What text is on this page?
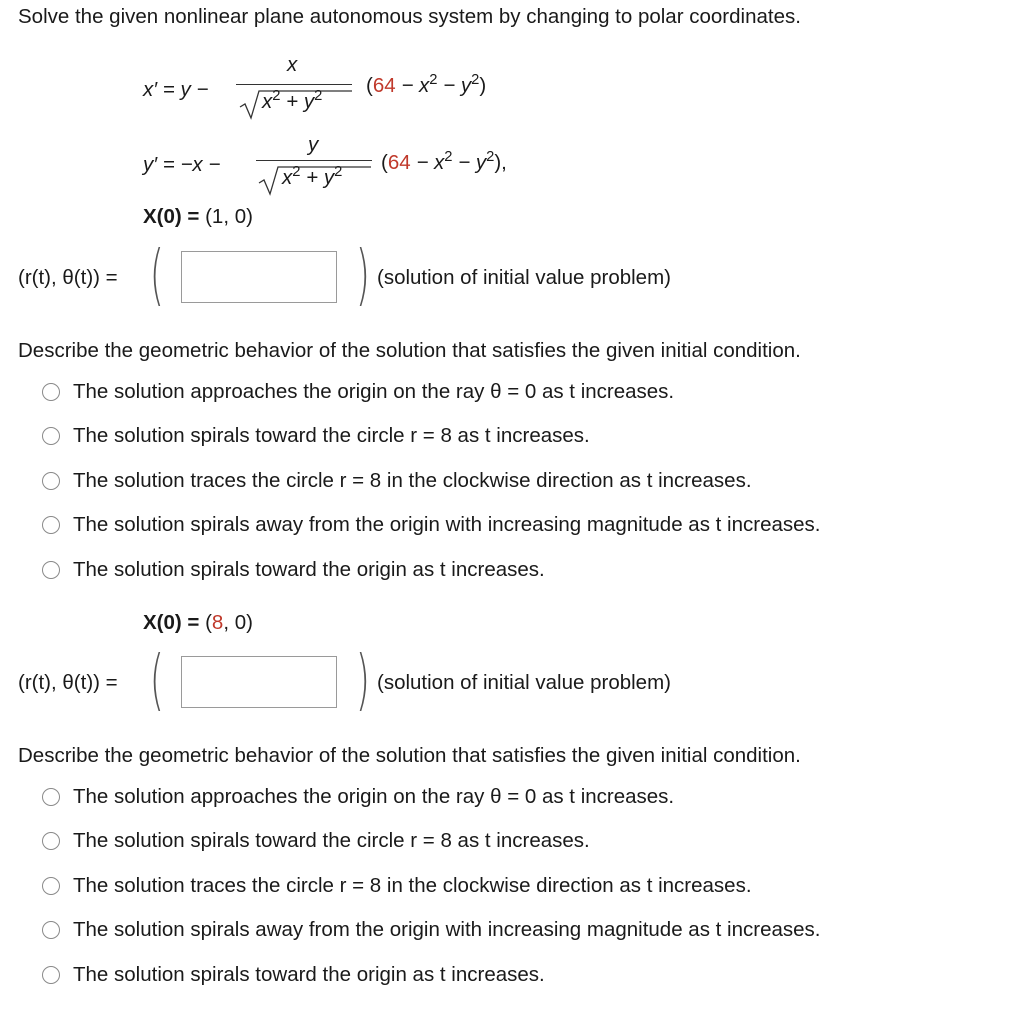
Solve the given nonlinear plane autonomous system by changing to polar coordinates.
x′ = y −
x
$x^2 + y^2$ $(64 - x^2 - y^2)$
y′ = −x −
y
$x^2 + y^2$ $(64 - x^2 - y^2)$,
X(0) = (1, 0)
(r(t), θ(t)) = (	) (solution of initial value problem)
Describe the geometric behavior of the solution that satisfies the given initial condition.
The solution approaches the origin on the ray θ = 0 as t increases.
The solution spirals toward the circle r = 8 as t increases.
The solution traces the circle r = 8 in the clockwise direction as t increases.
The solution spirals away from the origin with increasing magnitude as t increases.
The solution spirals toward the origin as t increases.
X(0) = (8, 0)
(r(t), θ(t)) = (	) (solution of initial value problem)
Describe the geometric behavior of the solution that satisfies the given initial condition.
The solution approaches the origin on the ray θ = 0 as t increases.
The solution spirals toward the circle r = 8 as t increases.
The solution traces the circle r = 8 in the clockwise direction as t increases.
The solution spirals away from the origin with increasing magnitude as t increases.
The solution spirals toward the origin as t increases.
